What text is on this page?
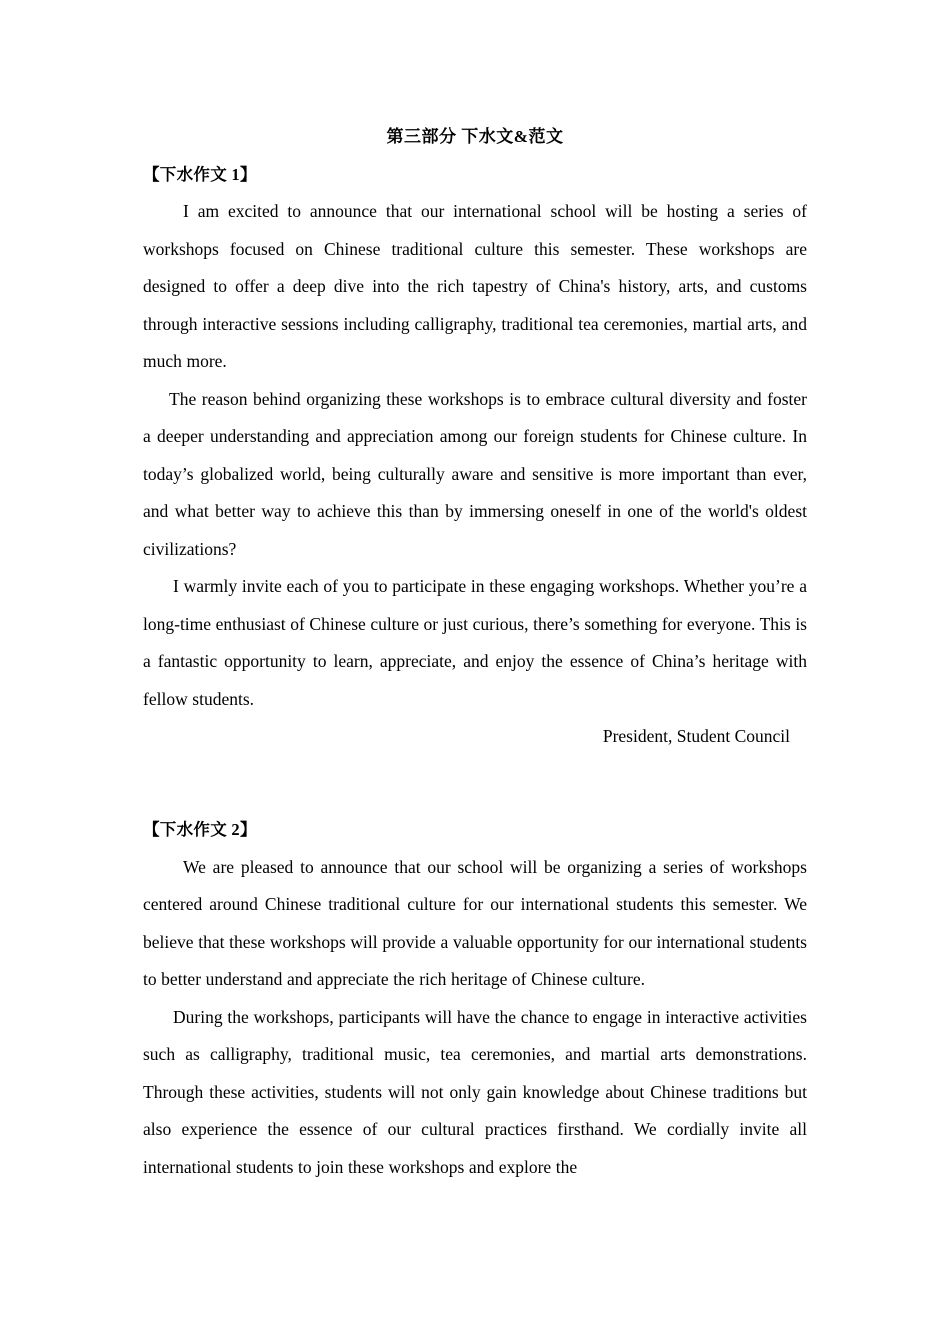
第三部分 下水文&范文
【下水作文 1】

I am excited to announce that our international school will be hosting a series of workshops focused on Chinese traditional culture this semester. These workshops are designed to offer a deep dive into the rich tapestry of China's history, arts, and customs through interactive sessions including calligraphy, traditional tea ceremonies, martial arts, and much more.

The reason behind organizing these workshops is to embrace cultural diversity and foster a deeper understanding and appreciation among our foreign students for Chinese culture. In today’s globalized world, being culturally aware and sensitive is more important than ever, and what better way to achieve this than by immersing oneself in one of the world's oldest civilizations?

I warmly invite each of you to participate in these engaging workshops. Whether you’re a long-time enthusiast of Chinese culture or just curious, there’s something for everyone. This is a fantastic opportunity to learn, appreciate, and enjoy the essence of China’s heritage with fellow students.

President, Student Council

【下水作文 2】

We are pleased to announce that our school will be organizing a series of workshops centered around Chinese traditional culture for our international students this semester. We believe that these workshops will provide a valuable opportunity for our international students to better understand and appreciate the rich heritage of Chinese culture.

During the workshops, participants will have the chance to engage in interactive activities such as calligraphy, traditional music, tea ceremonies, and martial arts demonstrations. Through these activities, students will not only gain knowledge about Chinese traditions but also experience the essence of our cultural practices firsthand. We cordially invite all international students to join these workshops and explore the
